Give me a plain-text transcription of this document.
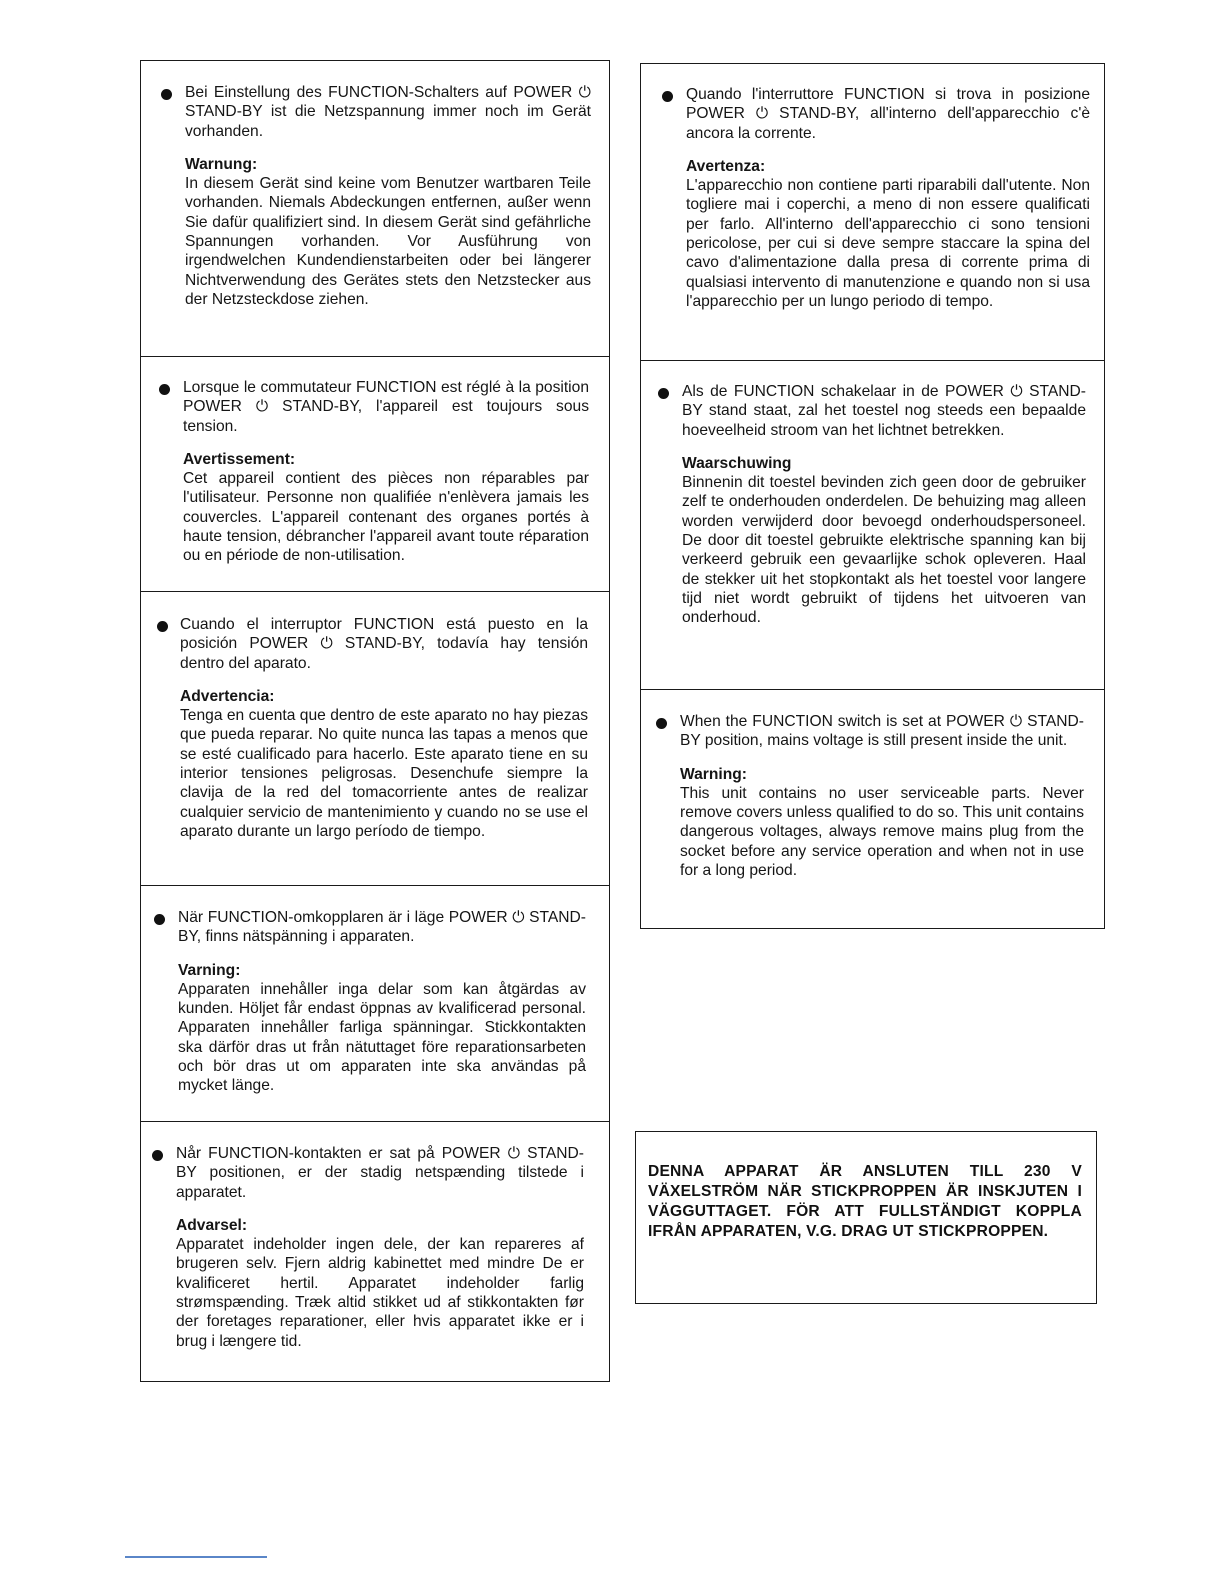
Bei Einstellung des FUNCTION-Schalters auf POWER ⏻ STAND-BY ist die Netzspannung immer noch im Gerät vorhanden.

Warnung:

In diesem Gerät sind keine vom Benutzer wartbaren Teile vorhanden. Niemals Abdeckungen entfernen, außer wenn Sie dafür qualifiziert sind. In diesem Gerät sind gefährliche Spannungen vorhanden. Vor Ausführung von irgendwelchen Kundendienstarbeiten oder bei längerer Nichtverwendung des Gerätes stets den Netzstecker aus der Netzsteckdose ziehen.

Lorsque le commutateur FUNCTION est réglé à la position POWER ⏻ STAND-BY, l'appareil est toujours sous tension.

Avertissement:

Cet appareil contient des pièces non réparables par l'utilisateur. Personne non qualifiée n'enlèvera jamais les couvercles. L'appareil contenant des organes portés à haute tension, débrancher l'appareil avant toute réparation ou en période de non-utilisation.

Cuando el interruptor FUNCTION está puesto en la posición POWER ⏻ STAND-BY, todavía hay tensión dentro del aparato.

Advertencia:

Tenga en cuenta que dentro de este aparato no hay piezas que pueda reparar. No quite nunca las tapas a menos que se esté cualificado para hacerlo. Este aparato tiene en su interior tensiones peligrosas. Desenchufe siempre la clavija de la red del tomacorriente antes de realizar cualquier servicio de mantenimiento y cuando no se use el aparato durante un largo período de tiempo.

När FUNCTION-omkopplaren är i läge POWER ⏻ STAND-BY, finns nätspänning i apparaten.

Varning:

Apparaten innehåller inga delar som kan åtgärdas av kunden. Höljet får endast öppnas av kvalificerad personal. Apparaten innehåller farliga spänningar. Stickkontakten ska därför dras ut från nätuttaget före reparationsarbeten och bör dras ut om apparaten inte ska användas på mycket länge.

Når FUNCTION-kontakten er sat på POWER ⏻ STAND-BY positionen, er der stadig netspænding tilstede i apparatet.

Advarsel:

Apparatet indeholder ingen dele, der kan repareres af brugeren selv. Fjern aldrig kabinettet med mindre De er kvalificeret hertil. Apparatet indeholder farlig strømspænding. Træk altid stikket ud af stikkontakten før der foretages reparationer, eller hvis apparatet ikke er i brug i længere tid.

Quando l'interruttore FUNCTION si trova in posizione POWER ⏻ STAND-BY, all'interno dell'apparecchio c'è ancora la corrente.

Avertenza:

L'apparecchio non contiene parti riparabili dall'utente. Non togliere mai i coperchi, a meno di non essere qualificati per farlo. All'interno dell'apparecchio ci sono tensioni pericolose, per cui si deve sempre staccare la spina del cavo d'alimentazione dalla presa di corrente prima di qualsiasi intervento di manutenzione e quando non si usa l'apparecchio per un lungo periodo di tempo.

Als de FUNCTION schakelaar in de POWER ⏻ STAND-BY stand staat, zal het toestel nog steeds een bepaalde hoeveelheid stroom van het lichtnet betrekken.

Waarschuwing

Binnenin dit toestel bevinden zich geen door de gebruiker zelf te onderhouden onderdelen. De behuizing mag alleen worden verwijderd door bevoegd onderhoudspersoneel. De door dit toestel gebruikte elektrische spanning kan bij verkeerd gebruik een gevaarlijke schok opleveren. Haal de stekker uit het stopkontakt als het toestel voor langere tijd niet wordt gebruikt of tijdens het uitvoeren van onderhoud.

When the FUNCTION switch is set at POWER ⏻ STAND-BY position, mains voltage is still present inside the unit.

Warning:

This unit contains no user serviceable parts. Never remove covers unless qualified to do so. This unit contains dangerous voltages, always remove mains plug from the socket before any service operation and when not in use for a long period.

DENNA APPARAT ÄR ANSLUTEN TILL 230 V VÄXELSTRÖM NÄR STICKPROPPEN ÄR INSKJUTEN I VÄGGUTTAGET. FÖR ATT FULLSTÄNDIGT KOPPLA IFRÅN APPARATEN, V.G. DRAG UT STICKPROPPEN.
